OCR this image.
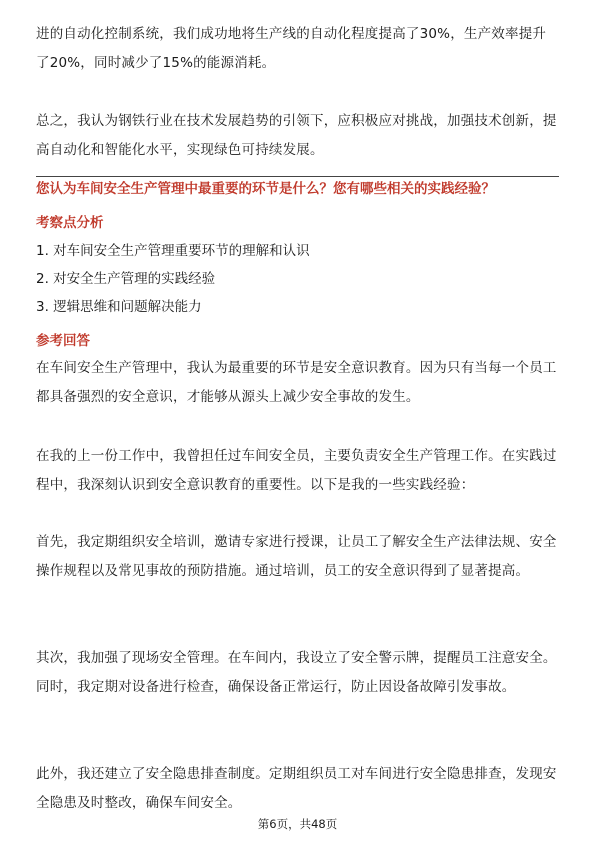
进的自动化控制系统，我们成功地将生产线的自动化程度提高了30%，生产效率提升了20%，同时减少了15%的能源消耗。

总之，我认为钢铁行业在技术发展趋势的引领下，应积极应对挑战，加强技术创新，提高自动化和智能化水平，实现绿色可持续发展。

您认为车间安全生产管理中最重要的环节是什么？您有哪些相关的实践经验？

考察点分析

1. 对车间安全生产管理重要环节的理解和认识

2. 对安全生产管理的实践经验

3. 逻辑思维和问题解决能力

参考回答

在车间安全生产管理中，我认为最重要的环节是安全意识教育。因为只有当每一个员工都具备强烈的安全意识，才能够从源头上减少安全事故的发生。

在我的上一份工作中，我曾担任过车间安全员，主要负责安全生产管理工作。在实践过程中，我深刻认识到安全意识教育的重要性。以下是我的一些实践经验：

首先，我定期组织安全培训，邀请专家进行授课，让员工了解安全生产法律法规、安全操作规程以及常见事故的预防措施。通过培训，员工的安全意识得到了显著提高。

其次，我加强了现场安全管理。在车间内，我设立了安全警示牌，提醒员工注意安全。同时，我定期对设备进行检查，确保设备正常运行，防止因设备故障引发事故。

此外，我还建立了安全隐患排查制度。定期组织员工对车间进行安全隐患排查，发现安全隐患及时整改，确保车间安全。

第6页，共48页
